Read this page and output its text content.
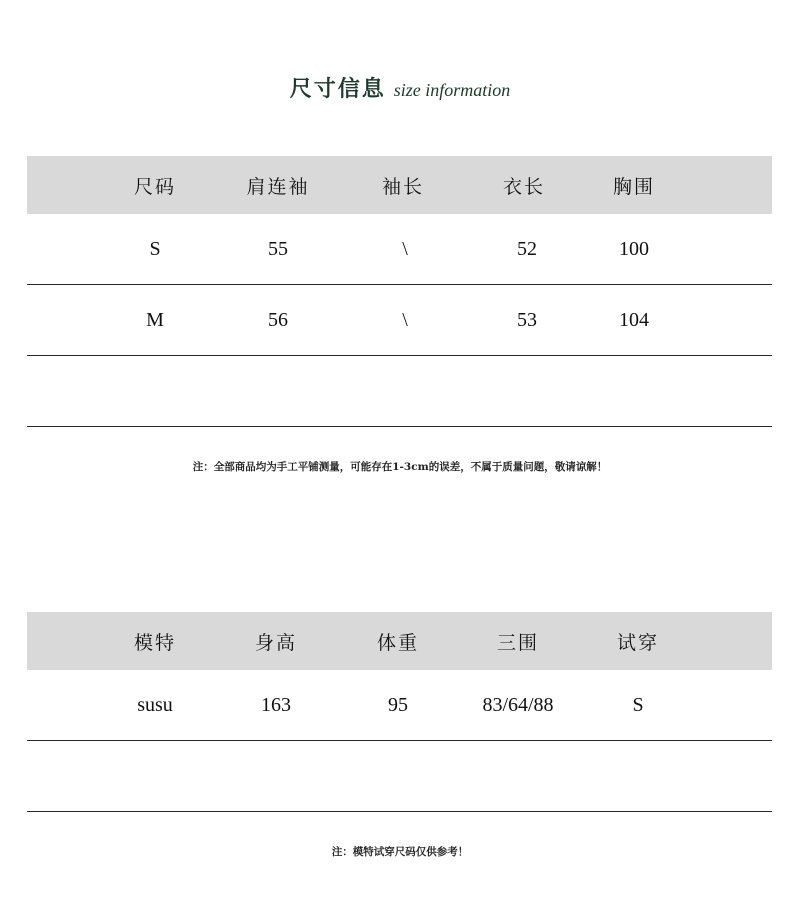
尺寸信息 size information
尺码	肩连袖	袖长	衣长	胸围
S	55	\	52	100
M	56	\	53	104
注：全部商品均为手工平铺测量，可能存在1-3cm的误差，不属于质量问题，敬请谅解！
模特	身高	体重	三围	试穿
susu	163	95	83/64/88	S
注：模特试穿尺码仅供参考！
